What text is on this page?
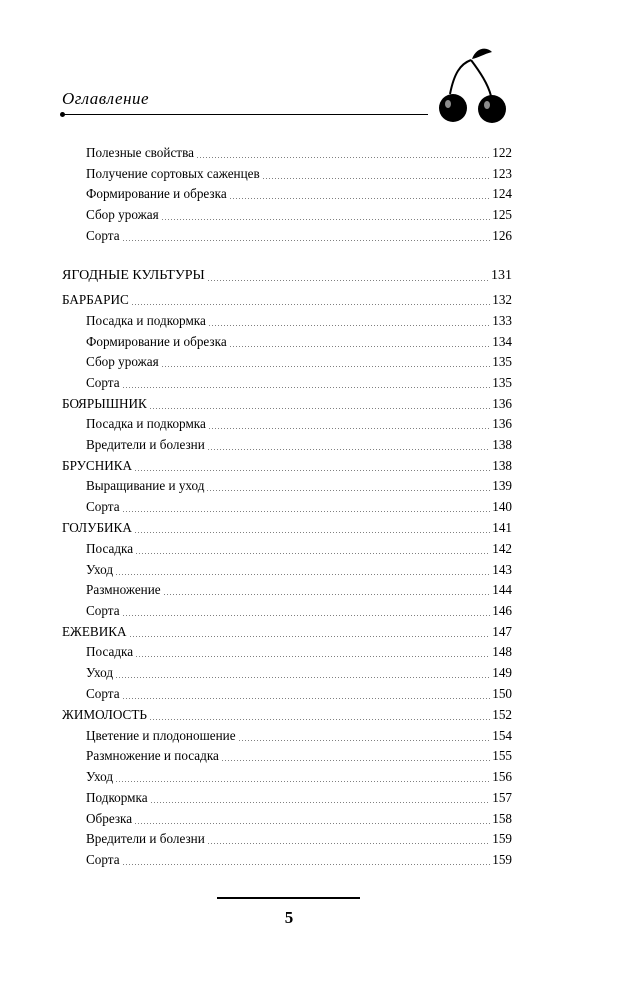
Оглавление
Полезные свойства	122
Получение сортовых саженцев	123
Формирование и обрезка	124
Сбор урожая	125
Сорта	126
ЯГОДНЫЕ КУЛЬТУРЫ	131
БАРБАРИС	132
Посадка и подкормка	133
Формирование и обрезка	134
Сбор урожая	135
Сорта	135
БОЯРЫШНИК	136
Посадка и подкормка	136
Вредители и болезни	138
БРУСНИКА	138
Выращивание и уход	139
Сорта	140
ГОЛУБИКА	141
Посадка	142
Уход	143
Размножение	144
Сорта	146
ЕЖЕВИКА	147
Посадка	148
Уход	149
Сорта	150
ЖИМОЛОСТЬ	152
Цветение и плодоношение	154
Размножение и посадка	155
Уход	156
Подкормка	157
Обрезка	158
Вредители и болезни	159
Сорта	159
5
